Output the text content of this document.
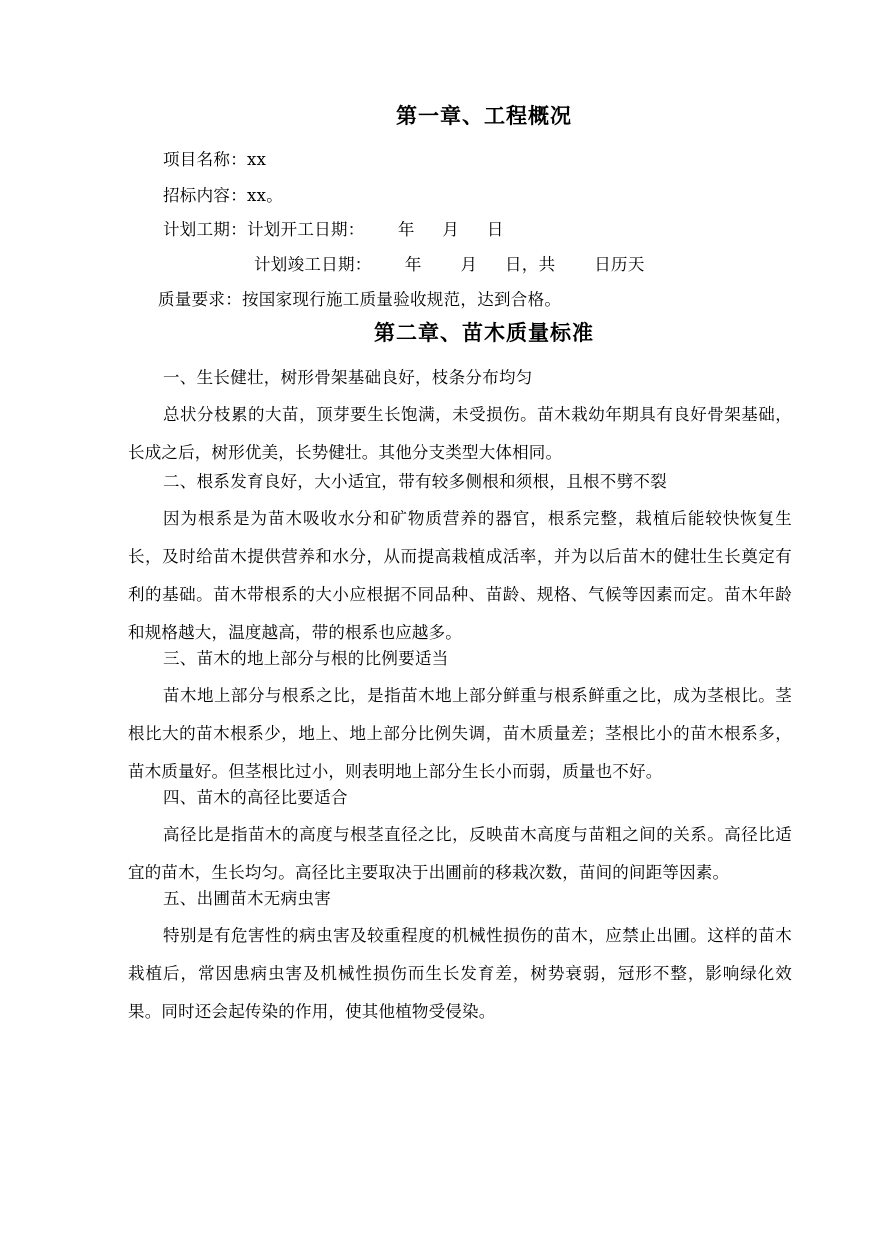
第一章、工程概况
项目名称：xx
招标内容：xx。
计划工期：计划开工日期：      年     月     日
计划竣工日期：      年       月     日，共       日历天
质量要求：按国家现行施工质量验收规范，达到合格。
第二章、苗木质量标准

一、生长健壮，树形骨架基础良好，枝条分布均匀

总状分枝累的大苗，顶芽要生长饱满，未受损伤。苗木栽幼年期具有良好骨架基础，长成之后，树形优美，长势健壮。其他分支类型大体相同。

二、根系发育良好，大小适宜，带有较多侧根和须根，且根不劈不裂

因为根系是为苗木吸收水分和矿物质营养的器官，根系完整，栽植后能较快恢复生长，及时给苗木提供营养和水分，从而提高栽植成活率，并为以后苗木的健壮生长奠定有利的基础。苗木带根系的大小应根据不同品种、苗龄、规格、气候等因素而定。苗木年龄和规格越大，温度越高，带的根系也应越多。

三、苗木的地上部分与根的比例要适当

苗木地上部分与根系之比，是指苗木地上部分鲜重与根系鲜重之比，成为茎根比。茎根比大的苗木根系少，地上、地上部分比例失调，苗木质量差；茎根比小的苗木根系多，苗木质量好。但茎根比过小，则表明地上部分生长小而弱，质量也不好。

四、苗木的高径比要适合

高径比是指苗木的高度与根茎直径之比，反映苗木高度与苗粗之间的关系。高径比适宜的苗木，生长均匀。高径比主要取决于出圃前的移栽次数，苗间的间距等因素。

五、出圃苗木无病虫害

特别是有危害性的病虫害及较重程度的机械性损伤的苗木，应禁止出圃。这样的苗木栽植后，常因患病虫害及机械性损伤而生长发育差，树势衰弱，冠形不整，影响绿化效果。同时还会起传染的作用，使其他植物受侵染。
